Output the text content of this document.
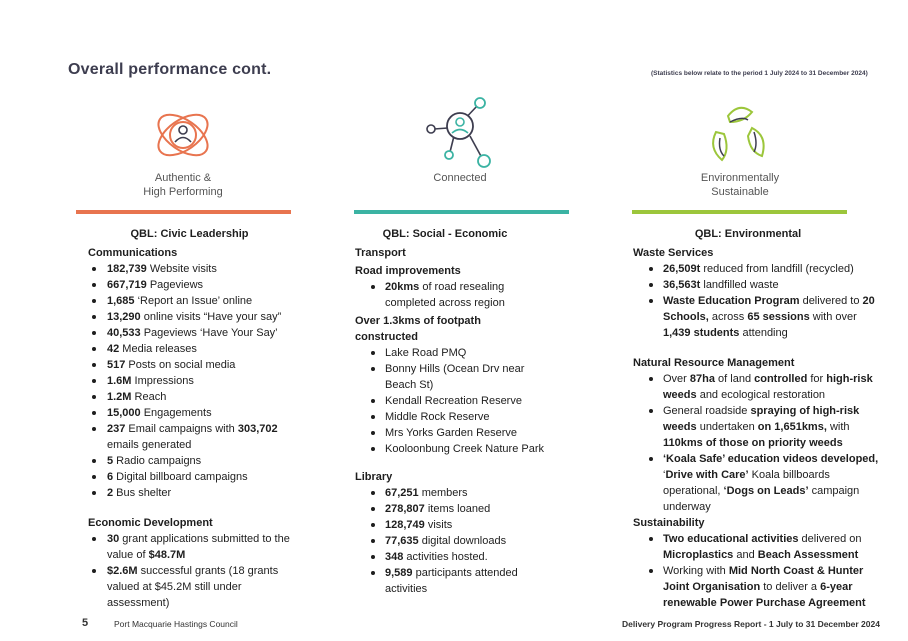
Overall performance cont.	(Statistics below relate to the period 1 July 2024 to 31 December 2024)
Authentic &
High Performing
Connected	Environmentally
Sustainable
QBL: Civic Leadership
Communications
182,739 Website visits
667,719 Pageviews
1,685 ‘Report an Issue’ online
13,290 online visits “Have your say”
40,533 Pageviews ‘Have Your Say’
42 Media releases
517 Posts on social media
1.6M Impressions
1.2M Reach
15,000 Engagements
237 Email campaigns with 303,702 emails generated
5 Radio campaigns
6 Digital billboard campaigns
2 Bus shelter
Economic Development
30 grant applications submitted to the value of $48.7M
$2.6M successful grants (18 grants valued at $45.2M still under assessment)
QBL: Social - Economic
Transport
Road improvements
20kms of road resealing completed across region
Over 1.3kms of footpath constructed
Lake Road PMQ
Bonny Hills (Ocean Drv near Beach St)
Kendall Recreation Reserve
Middle Rock Reserve
Mrs Yorks Garden Reserve
Kooloonbung Creek Nature Park
Library
67,251 members
278,807 items loaned
128,749 visits
77,635 digital downloads
348 activities hosted.
9,589 participants attended activities
QBL: Environmental
Waste Services
26,509t reduced from landfill (recycled)
36,563t landfilled waste
Waste Education Program delivered to 20 Schools, across 65 sessions with over 1,439 students attending
Natural Resource Management
Over 87ha of land controlled for high-risk weeds and ecological restoration
General roadside spraying of high-risk weeds undertaken on 1,651kms, with 110kms of those on priority weeds
‘Koala Safe’ education videos developed, ‘Drive with Care’ Koala billboards operational, ‘Dogs on Leads’ campaign underway
Sustainability
Two educational activities delivered on Microplastics and Beach Assessment
Working with Mid North Coast & Hunter Joint Organisation to deliver a 6-year renewable Power Purchase Agreement
5	Port Macquarie Hastings Council	Delivery Program Progress Report - 1 July to 31 December 2024
